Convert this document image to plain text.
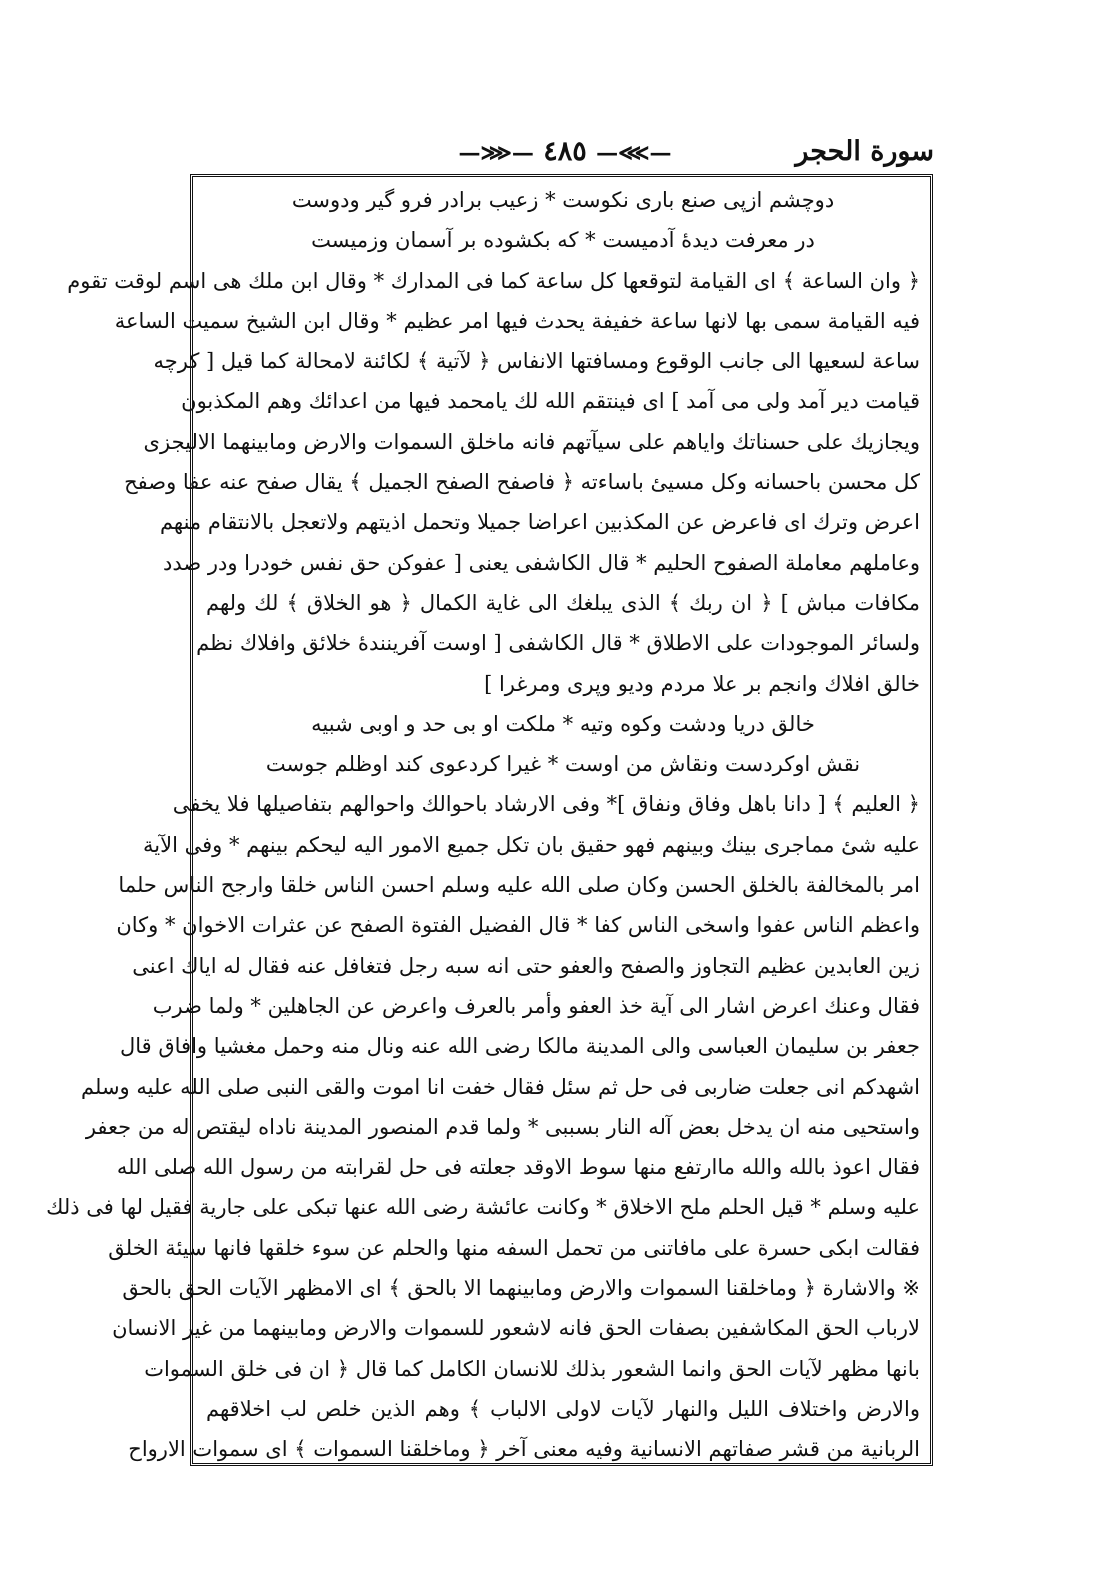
سورة الحجر
—⋙— ٤٨٥ —⋘—
دوچشم ازپی صنع باری نکوست * زعیب برادر فرو گیر ودوست
در معرفت دیدهٔ آدمیست * که بکشوده بر آسمان وزمیست
﴿ وان الساعة ﴾ ای القيامة لتوقعها كل ساعة كما فى المدارك * وقال ابن ملك هى اسم لوقت تقوم
فيه القيامة سمى بها لانها ساعة خفيفة يحدث فيها امر عظيم * وقال ابن الشيخ سميت الساعة
ساعة لسعيها الى جانب الوقوع ومسافتها الانفاس ﴿ لآتية ﴾ لكائنة لامحالة كما قيل [ كرچه
قيامت دير آمد ولى مى آمد ] اى فينتقم الله لك يامحمد فيها من اعدائك وهم المكذبون
ويجازيك على حسناتك واياهم على سيآتهم فانه ماخلق السموات والارض ومابينهما الاليجزى
كل محسن باحسانه وكل مسيئ باساءته ﴿ فاصفح الصفح الجميل ﴾ يقال صفح عنه عفا وصفح
اعرض وترك اى فاعرض عن المكذبين اعراضا جميلا وتحمل اذيتهم ولاتعجل بالانتقام منهم
وعاملهم معاملة الصفوح الحليم * قال الكاشفى يعنى [ عفوكن حق نفس خودرا ودر صدد
مكافات مباش ] ﴿ ان ربك ﴾ الذى يبلغك الى غاية الكمال ﴿ هو الخلاق ﴾ لك ولهم
ولسائر الموجودات على الاطلاق * قال الكاشفى [ اوست آفرينندهٔ خلائق وافلاك نظم
خالق افلاك وانجم بر علا مردم وديو وپرى ومرغرا ]
خالق دريا ودشت وكوه وتيه * ملكت او بى حد و اوبى شبيه
نقش اوكردست ونقاش من اوست * غيرا كردعوى كند اوظلم جوست
﴿ العليم ﴾ [ دانا باهل وفاق ونفاق ]* وفى الارشاد باحوالك واحوالهم بتفاصيلها فلا يخفى
عليه شئ مماجرى بينك وبينهم فهو حقيق بان تكل جميع الامور اليه ليحكم بينهم * وفى الآية
امر بالمخالفة بالخلق الحسن وكان صلى الله عليه وسلم احسن الناس خلقا وارجح الناس حلما
واعظم الناس عفوا واسخى الناس كفا * قال الفضيل الفتوة الصفح عن عثرات الاخوان * وكان
زين العابدين عظيم التجاوز والصفح والعفو حتى انه سبه رجل فتغافل عنه فقال له اياك اعنى
فقال وعنك اعرض اشار الى آية خذ العفو وأمر بالعرف واعرض عن الجاهلين * ولما ضرب
جعفر بن سليمان العباسى والى المدينة مالكا رضى الله عنه ونال منه وحمل مغشيا وافاق قال
اشهدكم انى جعلت ضاربى فى حل ثم سئل فقال خفت انا اموت والقى النبى صلى الله عليه وسلم
واستحيى منه ان يدخل بعض آله النار بسببى * ولما قدم المنصور المدينة ناداه ليقتص له من جعفر
فقال اعوذ بالله والله ماارتفع منها سوط الاوقد جعلته فى حل لقرابته من رسول الله صلى الله
عليه وسلم * قيل الحلم ملح الاخلاق * وكانت عائشة رضى الله عنها تبكى على جارية فقيل لها فى ذلك
فقالت ابكى حسرة على مافاتنى من تحمل السفه منها والحلم عن سوء خلقها فانها سيئة الخلق
※ والاشارة ﴿ وماخلقنا السموات والارض ومابينهما الا بالحق ﴾ اى الامظهر الآيات الحق بالحق
لارباب الحق المكاشفين بصفات الحق فانه لاشعور للسموات والارض ومابينهما من غير الانسان
بانها مظهر لآيات الحق وانما الشعور بذلك للانسان الكامل كما قال ﴿ ان فى خلق السموات
والارض واختلاف الليل والنهار لآيات لاولى الالباب ﴾ وهم الذين خلص لب اخلاقهم
الربانية من قشر صفاتهم الانسانية وفيه معنى آخر ﴿ وماخلقنا السموات ﴾ اى سموات الارواح
